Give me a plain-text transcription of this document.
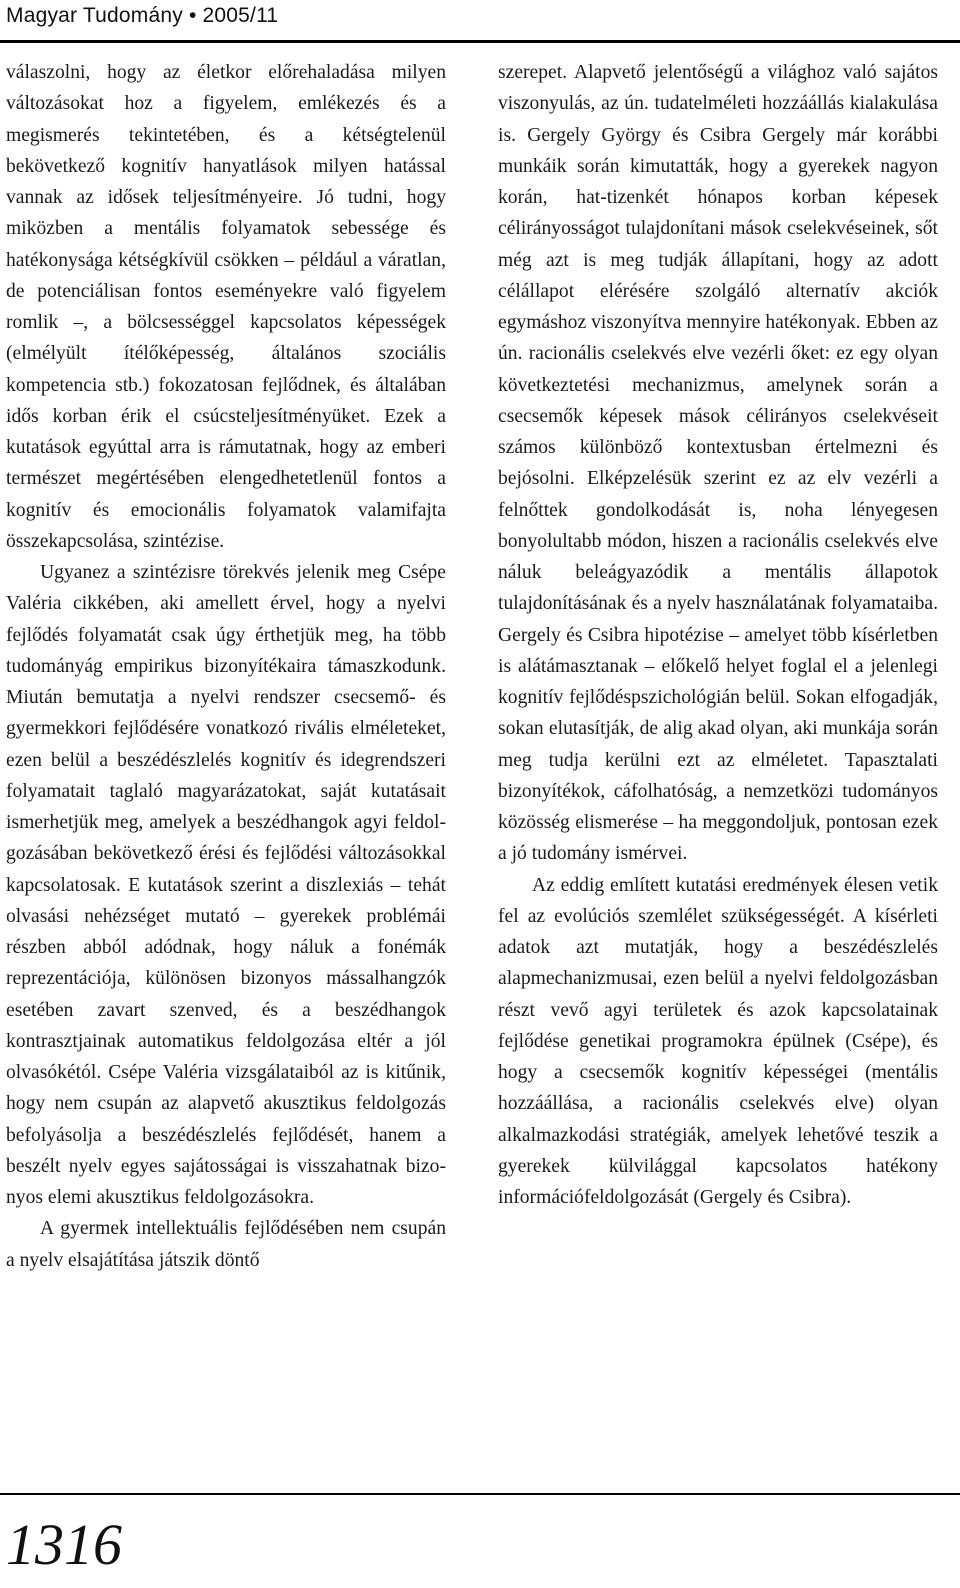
Magyar Tudomány • 2005/11

válaszolni, hogy az életkor előrehaladása milyen változásokat hoz a figyelem, emlékezés és a megismerés tekintetében, és a kétségtelenül bekövetkező kognitív hanyatlások milyen hatással vannak az idősek teljesítményeire. Jó tudni, hogy miközben a mentális folyamatok sebessége és hatékonysága kétségkívül csökken – például a váratlan, de potenciálisan fontos eseményekre való figyelem romlik –, a bölcsességgel kapcsolatos képességek (elmélyült ítélőképesség, általános szociális kompetencia stb.) fokozatosan fejlődnek, és általában idős korban érik el csúcsteljesítményüket. Ezek a kutatások egyúttal arra is rámutatnak, hogy az emberi természet megértésében elengedhetetlenül fontos a kognitív és emocionális folyamatok valamifajta összekapcsolása, szintézise.

Ugyanez a szintézisre törekvés jelenik meg Csépe Valéria cikkében, aki amellett érvel, hogy a nyelvi fejlődés folyamatát csak úgy érthetjük meg, ha több tudományág empirikus bizonyítékaira támaszkodunk. Miután bemutatja a nyelvi rendszer csecsemő- és gyermekkori fejlődésére vonatkozó rivális elméleteket, ezen belül a beszédészlelés kognitív és idegrendszeri folyamatait taglaló magyarázatokat, saját kutatásait ismerhetjük meg, amelyek a beszédhangok agyi feldolgozásában bekövetkező érési és fejlődési változásokkal kapcsolatosak. E kutatások szerint a diszlexiás – tehát olvasási nehézséget mutató – gyerekek problémái részben abból adódnak, hogy náluk a fonémák reprezentációja, különösen bizonyos mássalhangzók esetében zavart szenved, és a beszédhangok kontrasztjainak automatikus feldolgozása eltér a jól olvasókétól. Csépe Valéria vizsgálataiból az is kitűnik, hogy nem csupán az alapvető akusztikus feldolgozás befolyásolja a beszédészlelés fejlődését, hanem a beszélt nyelv egyes sajátosságai is visszahatnak bizonyos elemi akusztikus feldolgozásokra.

A gyermek intellektuális fejlődésében nem csupán a nyelv elsajátítása játszik döntő

szerepet. Alapvető jelentőségű a világhoz való sajátos viszonyulás, az ún. tudatelméleti hozzáállás kialakulása is. Gergely György és Csibra Gergely már korábbi munkáik során kimutatták, hogy a gyerekek nagyon korán, hat-tizenkét hónapos korban képesek célirányosságot tulajdonítani mások cselekvéseinek, sőt még azt is meg tudják állapítani, hogy az adott célállapot elérésére szolgáló alternatív akciók egymáshoz viszonyítva mennyire hatékonyak. Ebben az ún. racionális cselekvés elve vezérli őket: ez egy olyan következtetési mechanizmus, amelynek során a csecsemők képesek mások célirányos cselekvéseit számos különböző kontextusban értelmezni és bejósolni. Elképzelésük szerint ez az elv vezérli a felnőttek gondolkodását is, noha lényegesen bonyolultabb módon, hiszen a racionális cselekvés elve náluk beleágyazódik a mentális állapotok tulajdonításának és a nyelv használatának folyamataiba. Gergely és Csibra hipotézise – amelyet több kísérletben is alátámasztanak – előkelő helyet foglal el a jelenlegi kognitív fejlődéspszichológián belül. Sokan elfogadják, sokan elutasítják, de alig akad olyan, aki munkája során meg tudja kerülni ezt az elméletet. Tapasztalati bizonyítékok, cáfolhatóság, a nemzetközi tudományos közösség elismerése – ha meggondoljuk, pontosan ezek a jó tudomány ismérvei.

Az eddig említett kutatási eredmények élesen vetik fel az evolúciós szemlélet szükségességét. A kísérleti adatok azt mutatják, hogy a beszédészlelés alapmechanizmusai, ezen belül a nyelvi feldolgozásban részt vevő agyi területek és azok kapcsolatainak fejlődése genetikai programokra épülnek (Csépe), és hogy a csecsemők kognitív képességei (mentális hozzáállása, a racionális cselekvés elve) olyan alkalmazkodási stratégiák, amelyek lehetővé teszik a gyerekek külvilággal kapcsolatos hatékony információfeldolgozását (Gergely és Csibra).

1316
